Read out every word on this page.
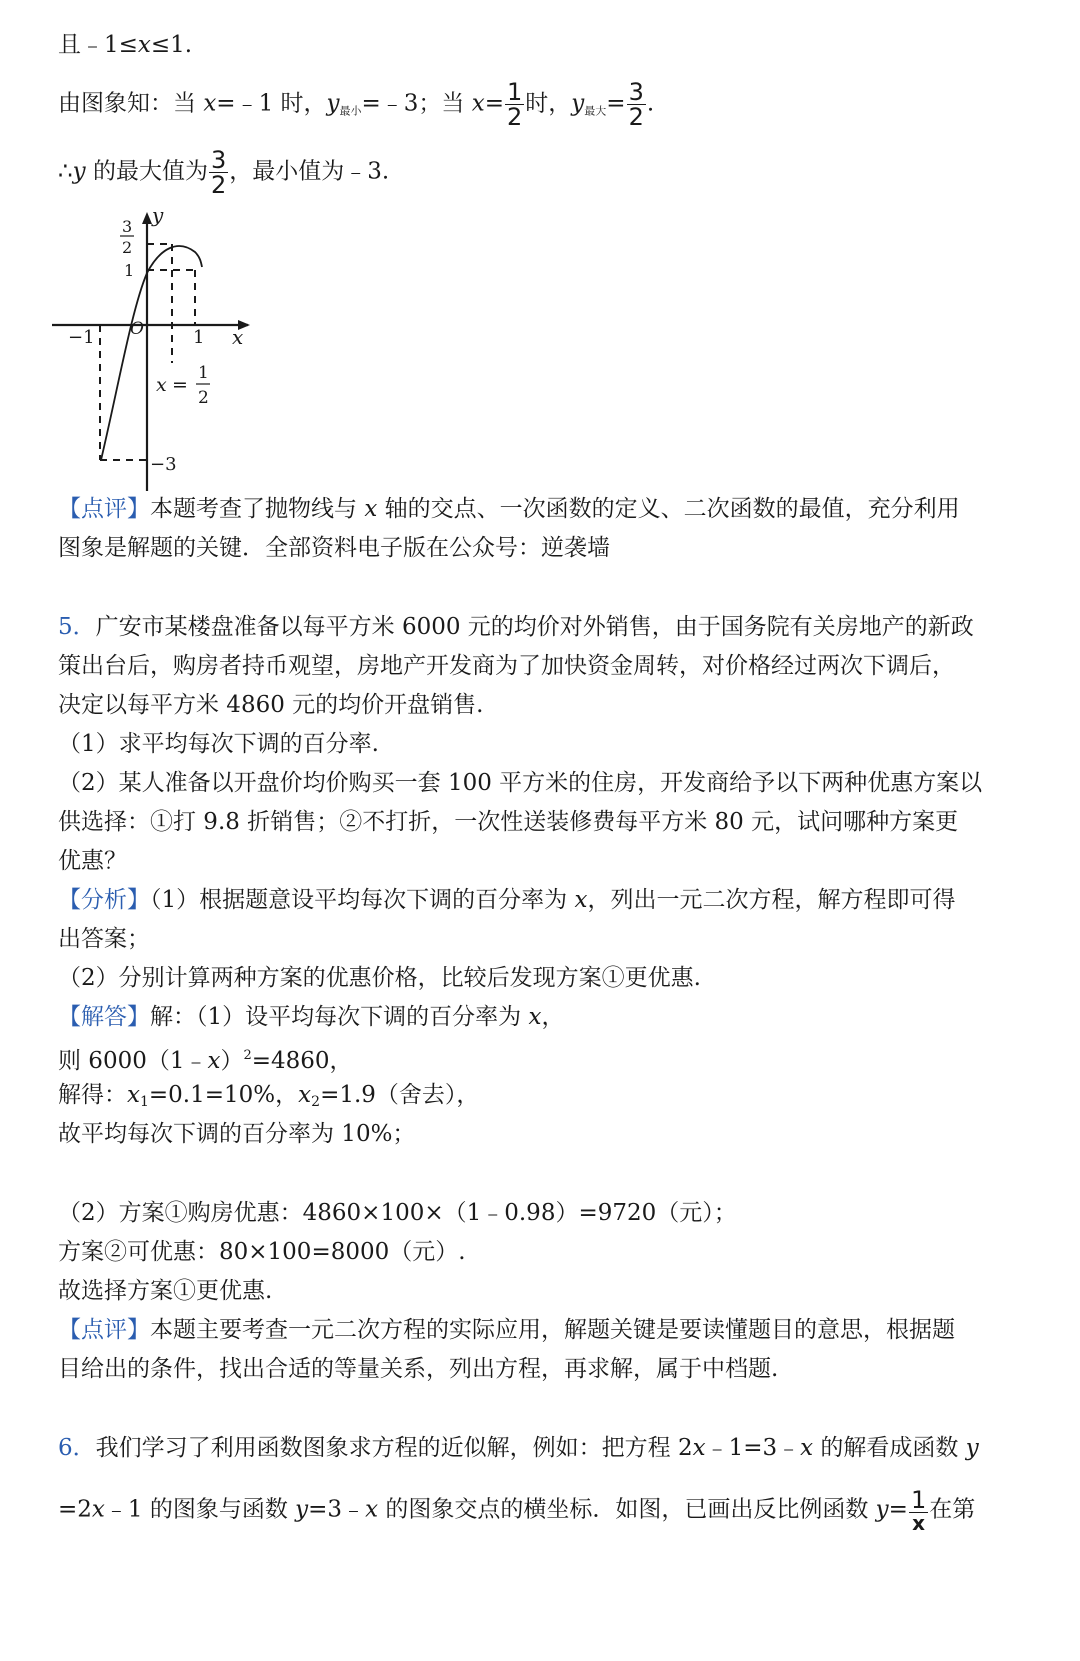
且﹣1≤x≤1.
由图象知：当 x=﹣1 时，$y_{最小}=﹣3$；当 $x= \frac{1}{2}$ 时，$y_{最大}= \frac{3}{2}$ .
∴y 的最大值为 $\frac{3}{2}$ ，最小值为﹣3.
y
x
O
3
2
1
−1	1
−3
x =
1
2
【点评】本题考查了抛物线与 x 轴的交点、一次函数的定义、二次函数的最值，充分利用
图象是解题的关键．全部资料电子版在公众号：逆袭墙
5．广安市某楼盘准备以每平方米 6000 元的均价对外销售，由于国务院有关房地产的新政
策出台后，购房者持币观望，房地产开发商为了加快资金周转，对价格经过两次下调后，
决定以每平方米 4860 元的均价开盘销售.
（1）求平均每次下调的百分率.
（2）某人准备以开盘价均价购买一套 100 平方米的住房，开发商给予以下两种优惠方案以
供选择：①打 9.8 折销售；②不打折，一次性送装修费每平方米 80 元，试问哪种方案更
优惠？
【分析】（1）根据题意设平均每次下调的百分率为 x，列出一元二次方程，解方程即可得
出答案；
（2）分别计算两种方案的优惠价格，比较后发现方案①更优惠.
【解答】解：（1）设平均每次下调的百分率为 x，
则 6000（1﹣x）$^2$=4860，
解得：$x_1=0.1=10\%$，$x_2=1.9$（舍去），
故平均每次下调的百分率为 10%；
（2）方案①购房优惠：4860×100×（1﹣0.98）=9720（元）；
方案②可优惠：80×100=8000（元）.
故选择方案①更优惠.
【点评】本题主要考查一元二次方程的实际应用，解题关键是要读懂题目的意思，根据题
目给出的条件，找出合适的等量关系，列出方程，再求解，属于中档题.
6．我们学习了利用函数图象求方程的近似解，例如：把方程 2x﹣1=3﹣x 的解看成函数 y
=2x﹣1 的图象与函数 y=3﹣x 的图象交点的横坐标．如图，已画出反比例函数 $y= \frac{1}{x}$ 在第
